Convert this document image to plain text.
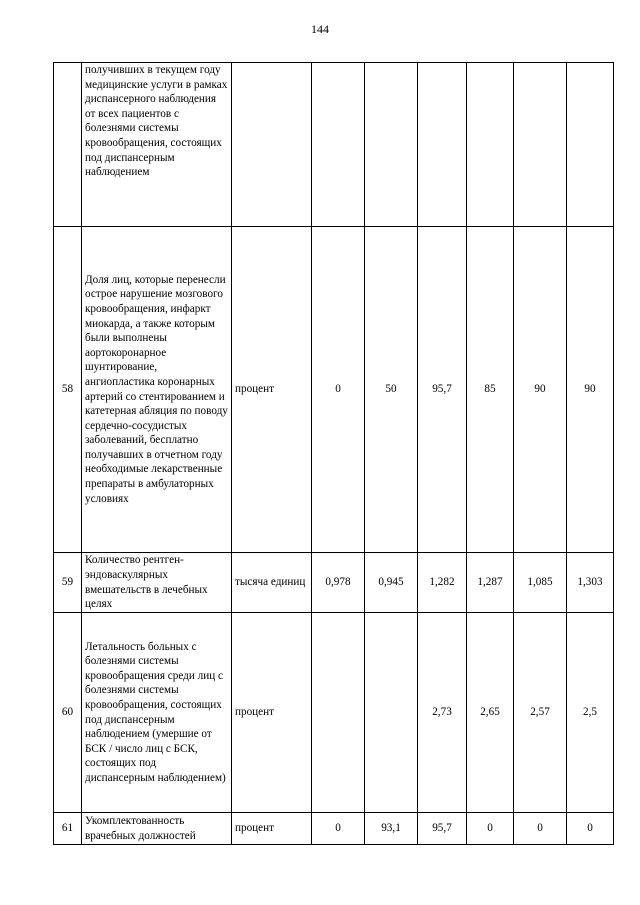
144
	получивших в текущем году медицинские услуги в рамках диспансерного наблюдения от всех пациентов с болезнями системы кровообращения, состоящих под диспансерным наблюдением							
58	Доля лиц, которые перенесли острое нарушение мозгового кровообращения, инфаркт миокарда, а также которым были выполнены аортокоронарное шунтирование, ангиопластика коронарных артерий со стентированием и катетерная абляция по поводу сердечно-сосудистых заболеваний, бесплатно получавших в отчетном году необходимые лекарственные препараты в амбулаторных условиях	процент	0	50	95,7	85	90	90
59	Количество рентген-эндоваскулярных вмешательств в лечебных целях	тысяча единиц	0,978	0,945	1,282	1,287	1,085	1,303
60	Летальность больных с болезнями системы кровообращения среди лиц с болезнями системы кровообращения, состоящих под диспансерным наблюдением (умершие от БСК / число лиц с БСК, состоящих под диспансерным наблюдением)	процент			2,73	2,65	2,57	2,5
61	Укомплектованность врачебных должностей	процент	0	93,1	95,7	0	0	0
